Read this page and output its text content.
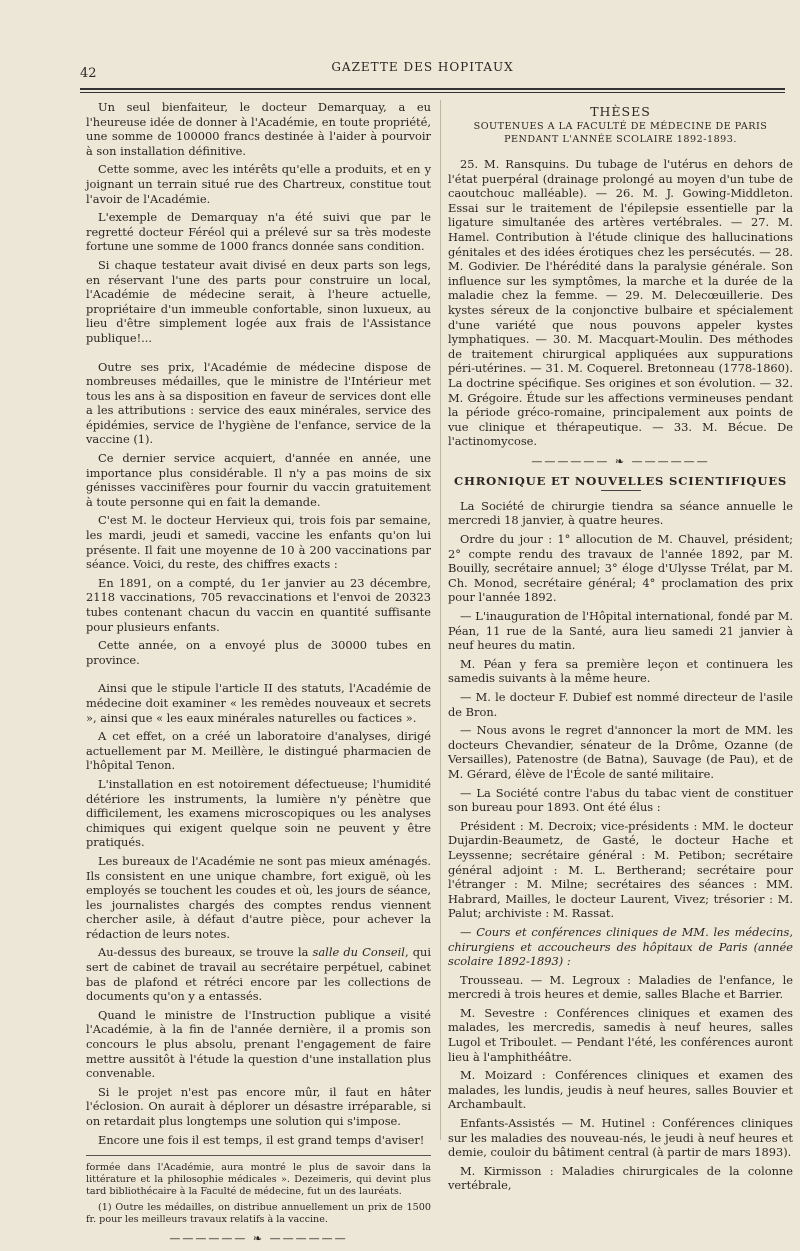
42	GAZETTE DES HOPITAUX

Un seul bienfaiteur, le docteur Demarquay, a eu l'heureuse idée de donner à l'Académie, en toute propriété, une somme de 100000 francs destinée à l'aider à pourvoir à son installation définitive.

Cette somme, avec les intérêts qu'elle a produits, et en y joignant un terrain situé rue des Chartreux, constitue tout l'avoir de l'Académie.

L'exemple de Demarquay n'a été suivi que par le regretté docteur Féréol qui a prélevé sur sa très modeste fortune une somme de 1000 francs donnée sans condition.

Si chaque testateur avait divisé en deux parts son legs, en réservant l'une des parts pour construire un local, l'Académie de médecine serait, à l'heure actuelle, propriétaire d'un immeuble confortable, sinon luxueux, au lieu d'être simplement logée aux frais de l'Assistance publique!...

Outre ses prix, l'Académie de médecine dispose de nombreuses médailles, que le ministre de l'Intérieur met tous les ans à sa disposition en faveur de services dont elle a les attributions : service des eaux minérales, service des épidémies, service de l'hygiène de l'enfance, service de la vaccine (1).

Ce dernier service acquiert, d'année en année, une importance plus considérable. Il n'y a pas moins de six génisses vaccinifères pour fournir du vaccin gratuitement à toute personne qui en fait la demande.

C'est M. le docteur Hervieux qui, trois fois par semaine, les mardi, jeudi et samedi, vaccine les enfants qu'on lui présente. Il fait une moyenne de 10 à 200 vaccinations par séance. Voici, du reste, des chiffres exacts :

En 1891, on a compté, du 1er janvier au 23 décembre, 2118 vaccinations, 705 revaccinations et l'envoi de 20323 tubes contenant chacun du vaccin en quantité suffisante pour plusieurs enfants.

Cette année, on a envoyé plus de 30000 tubes en province.

Ainsi que le stipule l'article II des statuts, l'Académie de médecine doit examiner « les remèdes nouveaux et secrets », ainsi que « les eaux minérales naturelles ou factices ».

A cet effet, on a créé un laboratoire d'analyses, dirigé actuellement par M. Meillère, le distingué pharmacien de l'hôpital Tenon.

L'installation en est notoirement défectueuse; l'humidité détériore les instruments, la lumière n'y pénètre que difficilement, les examens microscopiques ou les analyses chimiques qui exigent quelque soin ne peuvent y être pratiqués.

Les bureaux de l'Académie ne sont pas mieux aménagés. Ils consistent en une unique chambre, fort exiguë, où les employés se touchent les coudes et où, les jours de séance, les journalistes chargés des comptes rendus viennent chercher asile, à défaut d'autre pièce, pour achever la rédaction de leurs notes.

Au-dessus des bureaux, se trouve la salle du Conseil, qui sert de cabinet de travail au secrétaire perpétuel, cabinet bas de plafond et rétréci encore par les collections de documents qu'on y a entassés.

Quand le ministre de l'Instruction publique a visité l'Académie, à la fin de l'année dernière, il a promis son concours le plus absolu, prenant l'engagement de faire mettre aussitôt à l'étude la question d'une installation plus convenable.

Si le projet n'est pas encore mûr, il faut en hâter l'éclosion. On aurait à déplorer un désastre irréparable, si on retardait plus longtemps une solution qui s'impose.

Encore une fois il est temps, il est grand temps d'aviser!

formée dans l'Académie, aura montré le plus de savoir dans la littérature et la philosophie médicales ». Dezeimeris, qui devint plus tard bibliothécaire à la Faculté de médecine, fut un des lauréats.

(1) Outre les médailles, on distribue annuellement un prix de 1500 fr. pour les meilleurs travaux relatifs à la vaccine.

—————— ❧ ——————
THÈSES
SOUTENUES A LA FACULTÉ DE MÉDECINE DE PARIS
PENDANT L'ANNÉE SCOLAIRE 1892-1893.

25. M. Ransquins. Du tubage de l'utérus en dehors de l'état puerpéral (drainage prolongé au moyen d'un tube de caoutchouc malléable). — 26. M. J. Gowing-Middleton. Essai sur le traitement de l'épilepsie essentielle par la ligature simultanée des artères vertébrales. — 27. M. Hamel. Contribution à l'étude clinique des hallucinations génitales et des idées érotiques chez les persécutés. — 28. M. Godivier. De l'hérédité dans la paralysie générale. Son influence sur les symptômes, la marche et la durée de la maladie chez la femme. — 29. M. Delecœuillerie. Des kystes séreux de la conjonctive bulbaire et spécialement d'une variété que nous pouvons appeler kystes lymphatiques. — 30. M. Macquart-Moulin. Des méthodes de traitement chirurgical appliquées aux suppurations péri-utérines. — 31. M. Coquerel. Bretonneau (1778-1860). La doctrine spécifique. Ses origines et son évolution. — 32. M. Grégoire. Étude sur les affections vermineuses pendant la période gréco-romaine, principalement aux points de vue clinique et thérapeutique. — 33. M. Bécue. De l'actinomycose.

—————— ❧ ——————
CHRONIQUE ET NOUVELLES SCIENTIFIQUES

La Société de chirurgie tiendra sa séance annuelle le mercredi 18 janvier, à quatre heures.

Ordre du jour : 1° allocution de M. Chauvel, président; 2° compte rendu des travaux de l'année 1892, par M. Bouilly, secrétaire annuel; 3° éloge d'Ulysse Trélat, par M. Ch. Monod, secrétaire général; 4° proclamation des prix pour l'année 1892.

— L'inauguration de l'Hôpital international, fondé par M. Péan, 11 rue de la Santé, aura lieu samedi 21 janvier à neuf heures du matin.

M. Péan y fera sa première leçon et continuera les samedis suivants à la même heure.

— M. le docteur F. Dubief est nommé directeur de l'asile de Bron.

— Nous avons le regret d'annoncer la mort de MM. les docteurs Chevandier, sénateur de la Drôme, Ozanne (de Versailles), Patenostre (de Batna), Sauvage (de Pau), et de M. Gérard, élève de l'École de santé militaire.

— La Société contre l'abus du tabac vient de constituer son bureau pour 1893. Ont été élus :

Président : M. Decroix; vice-présidents : MM. le docteur Dujardin-Beaumetz, de Gasté, le docteur Hache et Leyssenne; secrétaire général : M. Petibon; secrétaire général adjoint : M. L. Bertherand; secrétaire pour l'étranger : M. Milne; secrétaires des séances : MM. Habrard, Mailles, le docteur Laurent, Vivez; trésorier : M. Palut; archiviste : M. Rassat.

— Cours et conférences cliniques de MM. les médecins, chirurgiens et accoucheurs des hôpitaux de Paris (année scolaire 1892-1893) :

Trousseau. — M. Legroux : Maladies de l'enfance, le mercredi à trois heures et demie, salles Blache et Barrier.

M. Sevestre : Conférences cliniques et examen des malades, les mercredis, samedis à neuf heures, salles Lugol et Triboulet. — Pendant l'été, les conférences auront lieu à l'amphithéâtre.

M. Moizard : Conférences cliniques et examen des malades, les lundis, jeudis à neuf heures, salles Bouvier et Archambault.

Enfants-Assistés — M. Hutinel : Conférences cliniques sur les maladies des nouveau-nés, le jeudi à neuf heures et demie, couloir du bâtiment central (à partir de mars 1893).

M. Kirmisson : Maladies chirurgicales de la colonne vertébrale,
